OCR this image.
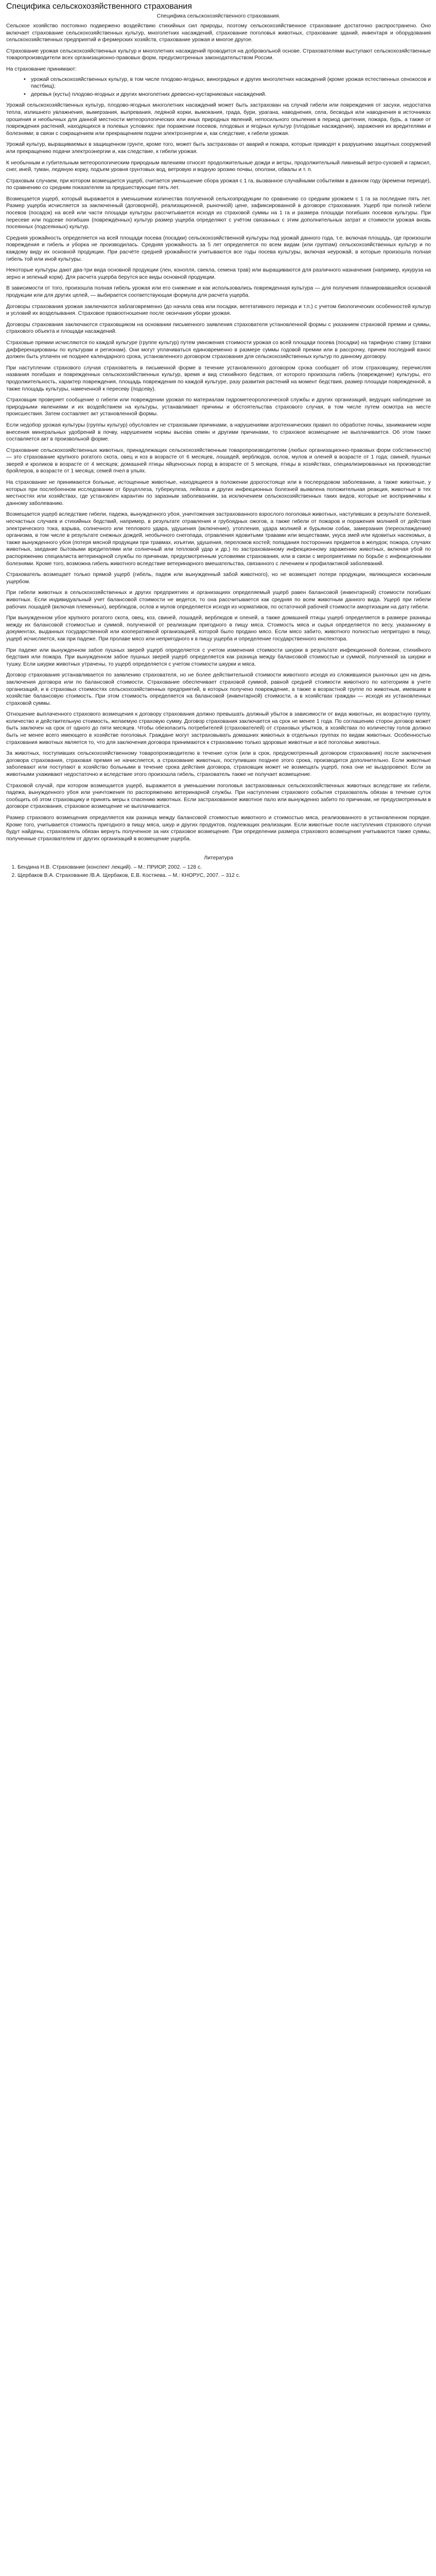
Специфика сельскохозяйственного страхования
Специфика сельскохозяйственного страхования.

Сельское хозяйство постоянно подвержено воздействию стихийных сил природы, поэтому сельскохозяйственное страхование достаточно распространено. Оно включает страхование сельскохозяйственных культур, многолетних насаждений, страхование поголовья животных, страхование зданий, инвентаря и оборудования сельскохозяйственных предприятий и фермерских хозяйств, страхование урожая и многое другое.

Страхование урожая сельскохозяйственных культур и многолетних насаждений проводится на добровольной основе. Страхователями выступают сельскохозяйственные товаропроизводители всех организационно-правовых форм, предусмотренных законодательством России.

На страхование принимают:

• урожай сельскохозяйственных культур, в том числе плодово-ягодных, виноградных и других многолетних насаждений (кроме урожая естественных сенокосов и пастбищ);
• деревья (кусты) плодово-ягодных и других многолетних древесно-кустарниковых насаждений.

Урожай сельскохозяйственных культур, плодово-ягодных многолетних насаждений может быть застрахован на случай гибели или повреждения от засухи, недостатка тепла, излишнего увлажнения, вымерзания, выпревания, ледяной корки, вымокания, града, бури, урагана, наводнения, села, бесводья или наводнения в источниках орошения и необычных для данной местности метеорологических или иных природных явлений, непосильного опыления в период цветения, пожара, бурь, а также от повреждения растений, находящихся в полевых условиях: при поражении посевов, плодовых и ягодных культур (плодовые насаждения), заражения их вредителями и болезнями; в связи с сокращением или прекращением подачи электроэнергии и, как следствие, к гибели урожая.

Урожай культур, выращиваемых в защищенном грунте, кроме того, может быть застрахован от аварий и пожара, которые приводят к разрушению защитных сооружений или прекращению подачи электроэнергии и, как следствие, к гибели урожая.

К необычным и губительным метеорологическим природным явлениям относят продолжительные дожди и ветры, продолжительный ливневый ветро-суховей и гармсил, снег, иней, туман, ледяную корку, подъем уровня грунтовых вод, ветровую и водную эрозию почвы, оползни, обвалы и т. п.

Страховым случаем, при котором возмещается ущерб, считается уменьшение сбора урожая с 1 га, вызванное случайными событиями в данном году (времени периоде), по сравнению со средним показателем за предшествующие пять лет.

Возмещается ущерб, который выражается в уменьшении количества полученной сельхозпродукции по сравнению со средним урожаем с 1 га за последние пять лет. Размер ущерба исчисляется за заключенный (договорной), реализационной, рыночной) цене, зафиксированной в договоре страхования. Ущерб при полной гибели посевов (посадок) на всей или части площади культуры рассчитывается исходя из страховой суммы на 1 га и размера площади погибших посевов культуры. При пересеве или подсеве погибших (повреждённых) культур размер ущерба определяют с учётом связанных с этим дополнительных затрат и стоимости урожая вновь посеянных (подсеянных) культур.

Средняя урожайность определяется на всей площади посева (посадки) сельскохозяйственной культуры под урожай данного года, т.е. включая площадь, где произошли повреждения и гибель и уборка не производилась. Средняя урожайность за 5 лет определяется по всем видам (или группам) сельскохозяйственных культур и по каждому виду их основной продукции. При расчёте средней урожайности учитываются все годы посева культуры, включая неурожай, в которые произошла полная гибель той или иной культуры.

Некоторые культуры дают два-три вида основной продукции (лен, конопля, свекла, семена трав) или выращиваются для различного назначения (например, кукуруза на зерно и зеленый корм). Для расчета ущерба берутся все виды основной продукции.

В зависимости от того, произошла полная гибель урожая или его снижение и как использовались поврежденная культура — для получения планировавшейся основной продукции или для других целей, — выбирается соответствующая формула для расчета ущерба.

Договоры страхования урожая заключаются заблаговременно (до начала сева или посадки, вегетативного периода и т.п.) с учетом биологических особенностей культур и условий их возделывания. Страховое правоотношение после окончания уборки урожая.

Договоры страхования заключаются страховщиком на основании письменного заявления страхователя установленной формы с указанием страховой премии и суммы, страхового объекта и площади насаждений.

Страховые премии исчисляются по каждой культуре (группе культур) путем умножения стоимости урожая со всей площади посева (посадки) на тарифную ставку (ставки дифференцированы по культурам и регионам). Они могут уплачиваться единовременно в размере суммы годовой премии или в рассрочку, причем последний взнос должен быть уплачен не позднее календарного срока, установленного договором страхования для сельскохозяйственных культур по данному договору.

При наступлении страхового случая страхователь в письменной форме в течение установленного договором срока сообщает об этом страховщику, перечисляя названия погибших и поврежденных сельскохозяйственных культур, время и вид стихийного бедствия, от которого произошла гибель (повреждение) культуры, его продолжительность, характер повреждения, площадь повреждения по каждой культуре, разу развития растений на момент бедствия, размер площади поврежденной, а также площадь культуры, намеченной к пересеву (подсеву).

Страховщик проверяет сообщение о гибели или повреждении урожая по материалам гидрометеорологической службы и других организаций, ведущих наблюдение за природными явлениями и их воздействием на культуры, устанавливает причины и обстоятельства страхового случая, в том числе путем осмотра на месте происшествия. Затем составляет акт установленной формы.

Если недобор урожая культуры (группы культур) обусловлен не страховыми причинами, а нарушениями агротехнических правил по обработке почвы, заниманием норм внесения минеральных удобрений в почву, нарушением нормы высева семян и другими причинами, то страховое возмещение не выплачивается. Об этом также составляется акт в произвольной форме.

Страхование сельскохозяйственных животных, принадлежащих сельскохозяйственным товаропроизводителям (любых организационно-правовых форм собственности) — это страхование крупного рогатого скота, овец и коз в возрасте от 6 месяцев, лошадей, верблюдов, ослов, мулов и оленей в возрасте от 1 года; свиней, пушных зверей и кроликов в возрасте от 4 месяцев; домашней птицы яйценосных пород в возрасте от 5 месяцев, птицы в хозяйствах, специализированных на производстве бройлеров, в возрасте от 1 месяца; семей пчел в ульях.

На страхование не принимаются больные, истощенные животные, находящиеся в положении дорогостояще или в послеродовом заболевании, а также животные, у которых при послебоенном исследовании от бруцеллеза, туберкулеза, лейкоза и других инфекционных болезней выявлена положительная реакция, животные в тех местностях или хозяйствах, где установлен карантин по заразным заболеваниям, за исключением сельскохозяйственных таких видов, которые не восприимчивы к данному заболеванию.

Возмещается ущерб вследствие гибели, падежа, вынужденного убоя, уничтожения застрахованного взрослого поголовья животных, наступивших в результате болезней, несчастных случаев и стихийных бедствий, например, в результате отравления и грубоядных ожогов, а также гибели от пожаров и поражения молнией от действия электрического тока, взрыва, солнечного или теплового удара, удушения (включение), утопления, удара молнией и бурьяном собак, замерзания (переохлаждения) организма, в том числе в результате снежных дождей, необычного снегопада, отравления ядовитыми травами или веществами, укуса змей или ядовитых насекомых, а также вынужденного убоя (потеря мясной продукции при травмах, изъятии, удушения, переломов костей; попадания посторонних предметов в желудок; пожара, случаях животных, заедание бытовыми вредителями или солнечный или тепловой удар и др.) по застрахованному инфекционному заражению животных, включая убой по распоряжению специалиста ветеринарной службы по причинам, предусмотренным условиями страхования, или в связи с мероприятиями по борьбе с инфекционными болезнями. Кроме того, возможна гибель животного вследствие ветеринарного вмешательства, связанного с лечением и профилактикой заболеваний.

Страхователь возмещает только прямой ущерб (гибель, падеж или вынужденный забой животного), но не возмещает потери продукции, являющиеся косвенным ущербом.

При гибели животных в сельскохозяйственных и других предприятиях и организациях определяемый ущерб равен балансовой (инвентарной) стоимости погибших животных. Если индивидуальный учет балансовой стоимости не ведется, то она рассчитывается как средняя по всем животным данного вида. Ущерб при гибели рабочих лошадей (включая племенных), верблюдов, ослов и мулов определяется исходя из нормативов, по остаточной рабочей стоимости амортизации на дату гибели.

При вынужденном убое крупного рогатого скота, овец, коз, свиней, лошадей, верблюдов и оленей, а также домашней птицы ущерб определяется в размере разницы между их балансовой стоимостью и суммой, полученной от реализации пригодного в пищу мяса. Стоимость мяса и сырья определяется по весу, указанному в документах, выданных государственной или кооперативной организацией, которой было продано мясо. Если мясо забито, животного полностью непригодно в пищу, ущерб исчисляется, как при падеже. При пролаве мясо или непригодного к в пищу ущерба и определение государственного инспектора.

При падеже или вынужденном забое пушных зверей ущерб определяется с учетом изменения стоимости шкурки в результате инфекционной болезни, стихийного бедствия или пожара. При вынужденном забое пушных зверей ущерб определяется как разница между балансовой стоимостью и суммой, полученной за шкурки и тушку. Если шкурки животных утрачены, то ущерб определяется с учетом стоимости шкурки и мяса.

Договор страхования устанавливается по заявлению страхователя, но не более действительной стоимости животного исходя из сложившихся рыночных цен на день заключения договора или по балансовой стоимости. Страхование обеспечивает страховой суммой, равной средней стоимости животного по категориям в учете организаций, и в страховых стоимостях сельскохозяйственных предприятий, в которых получено повреждение, а также в возрастной группе по животным, имевшим в хозяйстве балансовую стоимость. При этом стоимость определяется на балансовой (инвентарной) стоимости, а в хозяйствах граждан — исходя из установленных страховой суммы.

Отношение выплаченного страхового возмещения к договору страхования должно превышать должный убыток в зависимости от вида животных, их возрастную группу, количество и действительную стоимость, желаемую страховую сумму. Договор страхования заключается на срок не менее 1 года. По соглашению сторон договор может быть заключен на срок от одного до пяти месяцев. Чтобы обезопасить потребителей (страхователей) от страховых убытков, в хозяйствах по количеству голов должно быть не менее всего имеющего в хозяйстве поголовья. Граждане могут застраховывать домашних животных в отдельных группах по видам животных. Особенностью страхования животных является то, что для заключения договора принимаются к страхованию только здоровые животные и всё поголовье животных.

За животных, поступивших сельскохозяйственному товаропроизводителю в течение суток (или в срок, предусмотренный договором страхования) после заключения договора страхования, страховая премия не начисляется, а страхование животных, поступивших позднее этого срока, производится дополнительно. Если животные заболевают или поступают в хозяйство больными в течение срока действия договора, страховщик может не возмещать ущерб, пока они не выздоровеют. Если за животными ухаживают недостаточно и вследствие этого произошла гибель, страхователь также не получает возмещение.

Страховой случай, при котором возмещается ущерб, выражается в уменьшении поголовья застрахованных сельскохозяйственных животных вследствие их гибели, падежа, вынужденного убоя или уничтожения по распоряжению ветеринарной службы. При наступлении страхового события страхователь обязан в течение суток сообщить об этом страховщику и принять меры к спасению животных. Если застрахованное животное пало или вынужденно забито по причинам, не предусмотренным в договоре страхования, страховое возмещение не выплачивается.

Размер страхового возмещения определяется как разница между балансовой стоимостью животного и стоимостью мяса, реализованного в установленном порядке. Кроме того, учитывается стоимость пригодного в пищу мяса, шкур и других продуктов, подлежащих реализации. Если животные после наступления страхового случая будут найдены, страхователь обязан вернуть полученное за них страховое возмещение. При определении размера страхового возмещения учитываются также суммы, полученные страхователем от других организаций в возмещение ущерба.

Литература
1. Бендина Н.В. Страхование (конспект лекций). – М.: ПРИОР, 2002. – 128 с.
2. Щербаков В.А. Страхование /В.А. Щербаков, Е.В. Костяева. – М.: КНОРУС, 2007. – 312 с.
